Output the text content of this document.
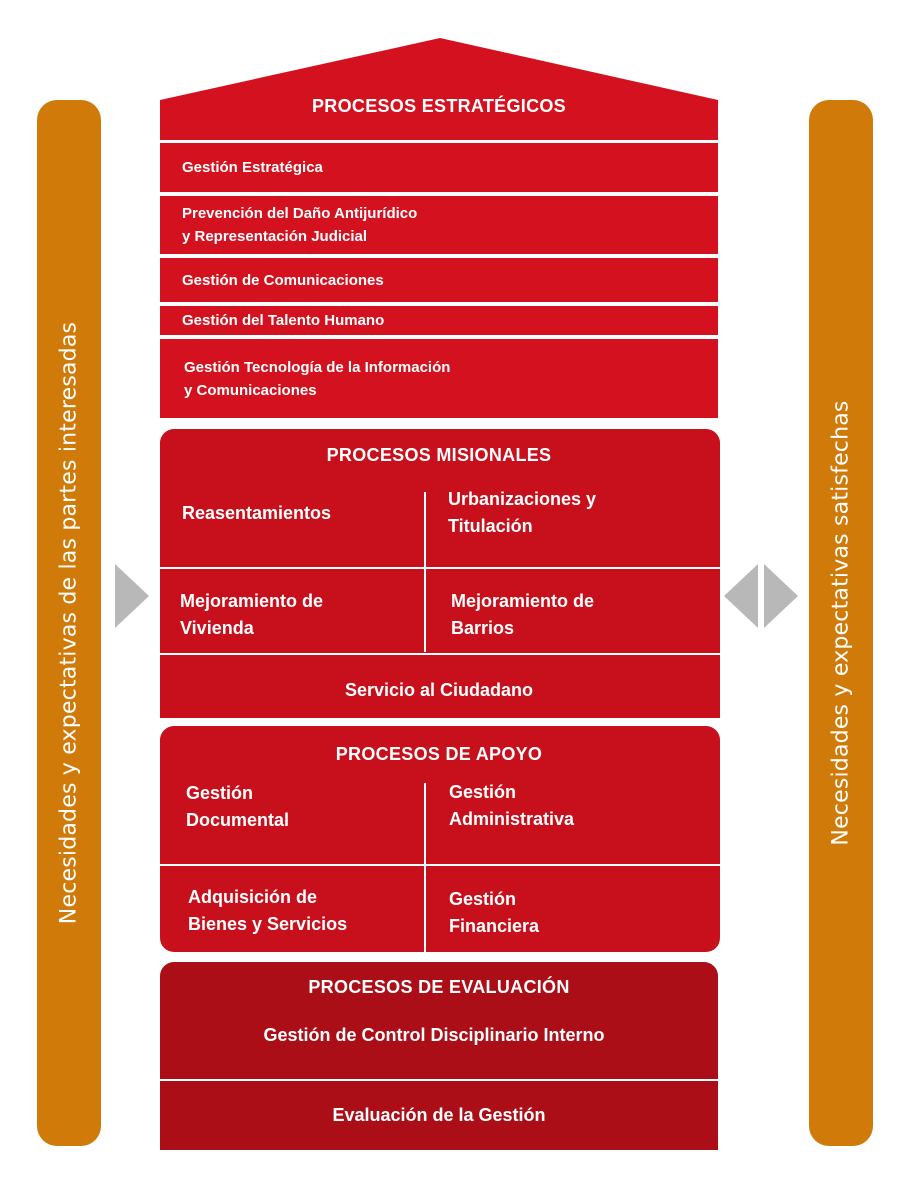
Necesidades y expectativas de las partes interesadas	Necesidades y expectativas satisfechas
PROCESOS ESTRATÉGICOS
Gestión Estratégica
Prevención del Daño Antijurídico
y Representación Judicial
Gestión de Comunicaciones
Gestión del Talento Humano
Gestión Tecnología de la Información
y Comunicaciones
PROCESOS MISIONALES
Reasentamientos
Urbanizaciones y
Titulación
Mejoramiento de
Vivienda
Mejoramiento de
Barrios
Servicio al Ciudadano
PROCESOS DE APOYO
Gestión
Documental
Gestión
Administrativa
Adquisición de
Bienes y Servicios
Gestión
Financiera
PROCESOS DE EVALUACIÓN
Gestión de Control Disciplinario Interno
Evaluación de la Gestión
